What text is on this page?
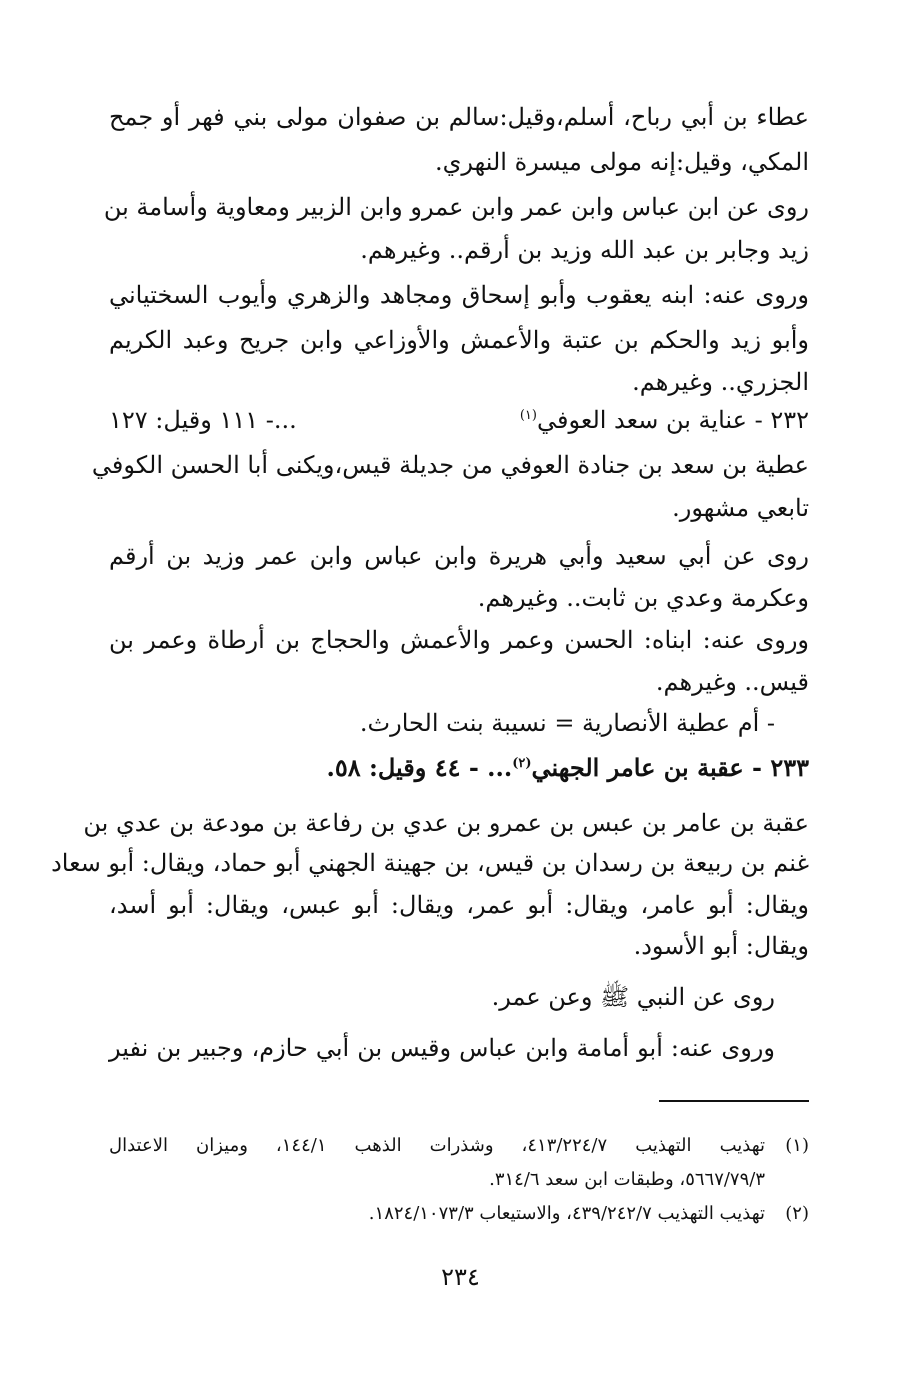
عطاء بن أبي رباح، أسلم،وقيل:سالم بن صفوان مولى بني فهر أو جمح
المكي، وقيل:إنه مولى ميسرة النهري.
روى عن ابن عباس وابن عمر وابن عمرو وابن الزبير ومعاوية وأسامة بن
زيد وجابر بن عبد الله وزيد بن أرقم.. وغيرهم.
وروى عنه: ابنه يعقوب وأبو إسحاق ومجاهد والزهري وأيوب السختياني
وأبو زيد والحكم بن عتبة والأعمش والأوزاعي وابن جريح وعبد الكريم
الجزري.. وغيرهم.
٢٣٢ - عناية بن سعد العوفي$^{(١)}$
...- ١١١ وقيل: ١٢٧
عطية بن سعد بن جنادة العوفي من جديلة قيس،ويكنى أبا الحسن الكوفي
تابعي مشهور.
روى عن أبي سعيد وأبي هريرة وابن عباس وابن عمر وزيد بن أرقم
وعكرمة وعدي بن ثابت.. وغيرهم.
وروى عنه: ابناه: الحسن وعمر والأعمش والحجاج بن أرطاة وعمر بن
قيس.. وغيرهم.
- أم عطية الأنصارية = نسيبة بنت الحارث.
٢٣٣ - عقبة بن عامر الجهني$^{(٢)}$... - ٤٤ وقيل: ٥٨.
عقبة بن عامر بن عبس بن عمرو بن عدي بن رفاعة بن مودعة بن عدي بن
غنم بن ربيعة بن رسدان بن قيس، بن جهينة الجهني أبو حماد، ويقال: أبو سعاد
ويقال: أبو عامر، ويقال: أبو عمر، ويقال: أبو عبس، ويقال: أبو أسد،
ويقال: أبو الأسود.
روى عن النبي ﷺ وعن عمر.
وروى عنه: أبو أمامة وابن عباس وقيس بن أبي حازم، وجبير بن نفير
(١)
تهذيب التهذيب ٤١٣/٢٢٤/٧، وشذرات الذهب ١٤٤/١، وميزان الاعتدال
٥٦٦٧/٧٩/٣، وطبقات ابن سعد ٣١٤/٦.
(٢)
تهذيب التهذيب ٤٣٩/٢٤٢/٧، والاستيعاب ١٨٢٤/١٠٧٣/٣.
٢٣٤
